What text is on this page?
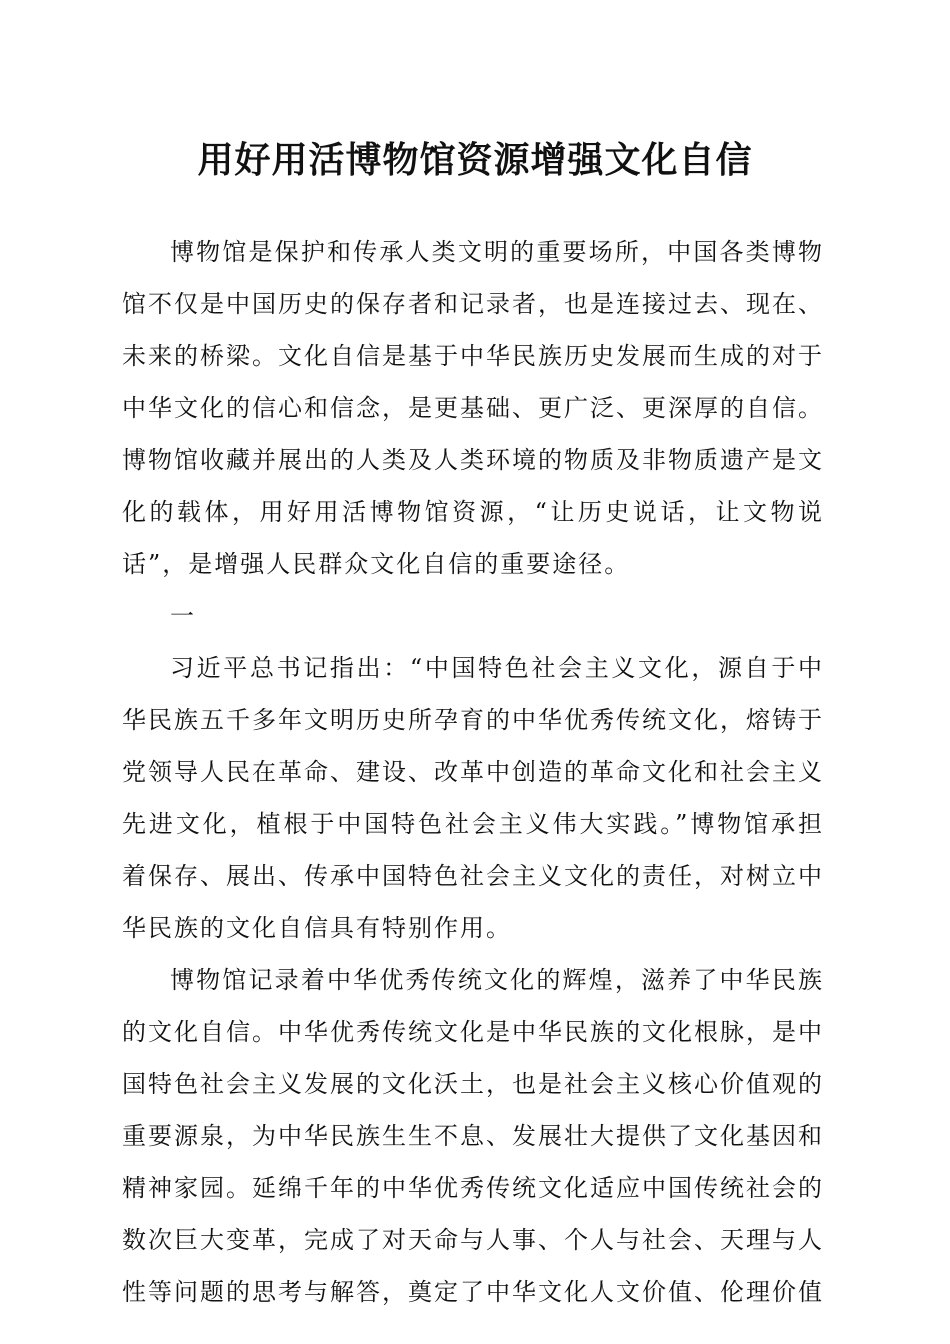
用好用活博物馆资源增强文化自信

博物馆是保护和传承人类文明的重要场所，中国各类博物馆不仅是中国历史的保存者和记录者，也是连接过去、现在、未来的桥梁。文化自信是基于中华民族历史发展而生成的对于中华文化的信心和信念，是更基础、更广泛、更深厚的自信。博物馆收藏并展出的人类及人类环境的物质及非物质遗产是文化的载体，用好用活博物馆资源，“让历史说话，让文物说话”，是增强人民群众文化自信的重要途径。

一

习近平总书记指出：“中国特色社会主义文化，源自于中华民族五千多年文明历史所孕育的中华优秀传统文化，熔铸于党领导人民在革命、建设、改革中创造的革命文化和社会主义先进文化，植根于中国特色社会主义伟大实践。”博物馆承担着保存、展出、传承中国特色社会主义文化的责任，对树立中华民族的文化自信具有特别作用。

博物馆记录着中华优秀传统文化的辉煌，滋养了中华民族的文化自信。中华优秀传统文化是中华民族的文化根脉，是中国特色社会主义发展的文化沃土，也是社会主义核心价值观的重要源泉，为中华民族生生不息、发展壮大提供了文化基因和精神家园。延绵千年的中华优秀传统文化适应中国传统社会的数次巨大变革，完成了对天命与人事、个人与社会、天理与人性等问题的思考与解答，奠定了中华文化人文价值、伦理价值
